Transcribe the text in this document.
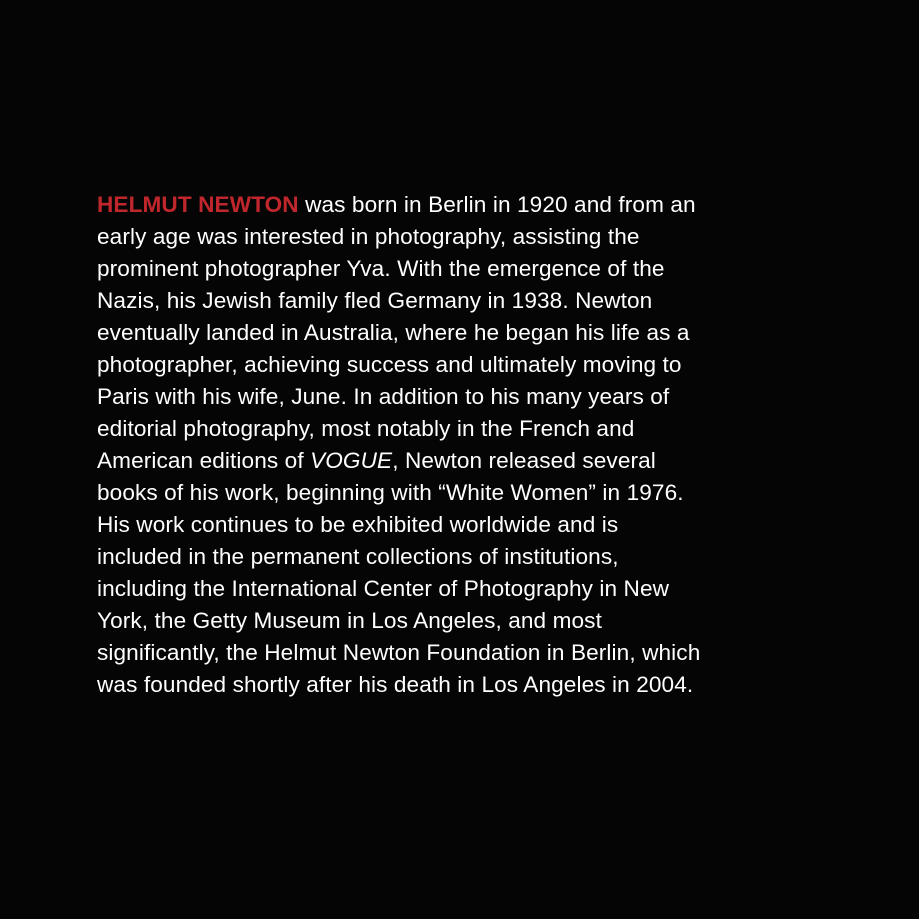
HELMUT NEWTON was born in Berlin in 1920 and from an
early age was interested in photography, assisting the
prominent photographer Yva. With the emergence of the
Nazis, his Jewish family fled Germany in 1938. Newton
eventually landed in Australia, where he began his life as a
photographer, achieving success and ultimately moving to
Paris with his wife, June. In addition to his many years of
editorial photography, most notably in the French and
American editions of VOGUE, Newton released several
books of his work, beginning with “White Women” in 1976.
His work continues to be exhibited worldwide and is
included in the permanent collections of institutions,
including the International Center of Photography in New
York, the Getty Museum in Los Angeles, and most
significantly, the Helmut Newton Foundation in Berlin, which
was founded shortly after his death in Los Angeles in 2004.
